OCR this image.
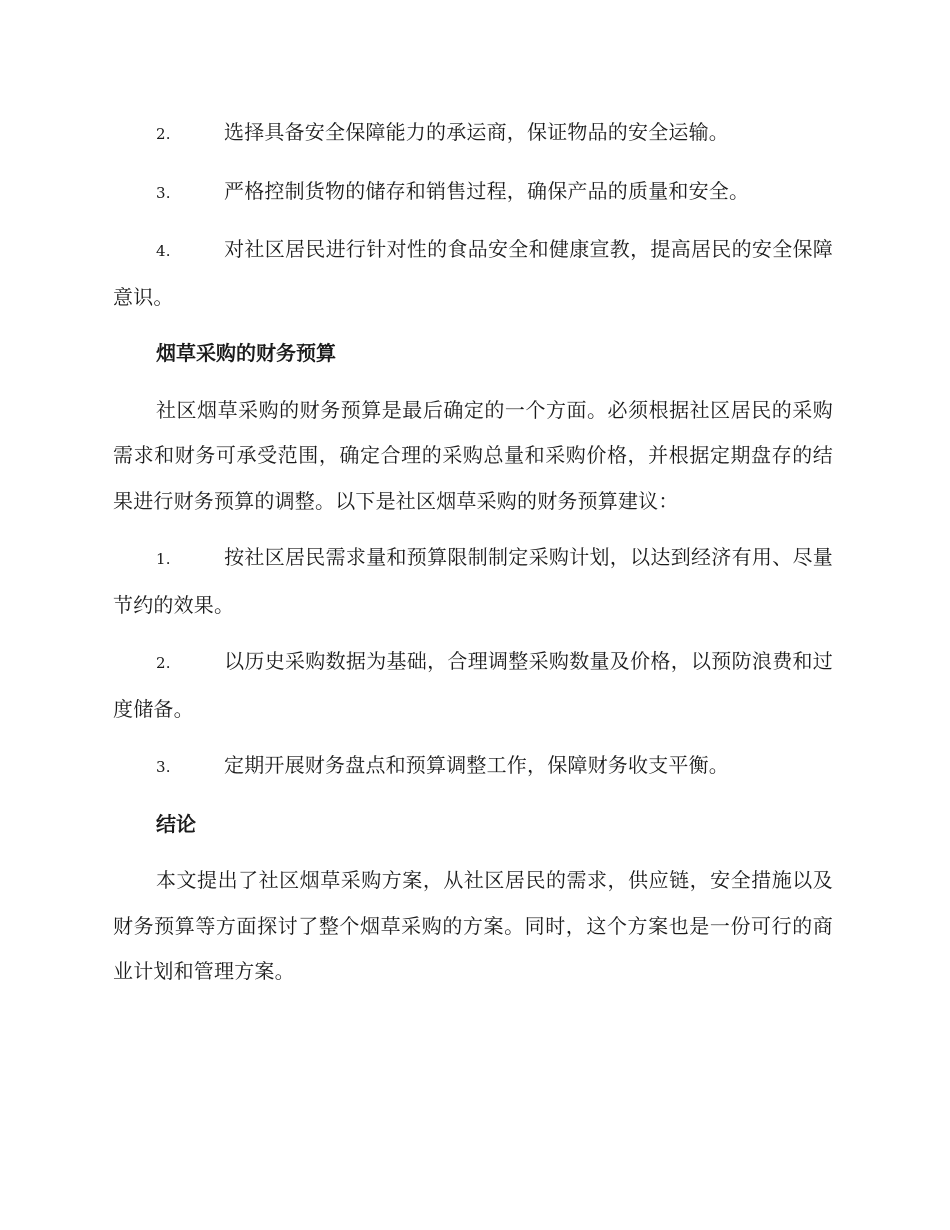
2.	选择具备安全保障能力的承运商，保证物品的安全运输。

3.	严格控制货物的储存和销售过程，确保产品的质量和安全。

4.	对社区居民进行针对性的食品安全和健康宣教，提高居民的安全保障意识。

烟草采购的财务预算

社区烟草采购的财务预算是最后确定的一个方面。必须根据社区居民的采购需求和财务可承受范围，确定合理的采购总量和采购价格，并根据定期盘存的结果进行财务预算的调整。以下是社区烟草采购的财务预算建议：

1.	按社区居民需求量和预算限制制定采购计划，以达到经济有用、尽量节约的效果。

2.	以历史采购数据为基础，合理调整采购数量及价格，以预防浪费和过度储备。

3.	定期开展财务盘点和预算调整工作，保障财务收支平衡。

结论

本文提出了社区烟草采购方案，从社区居民的需求，供应链，安全措施以及财务预算等方面探讨了整个烟草采购的方案。同时，这个方案也是一份可行的商业计划和管理方案。
